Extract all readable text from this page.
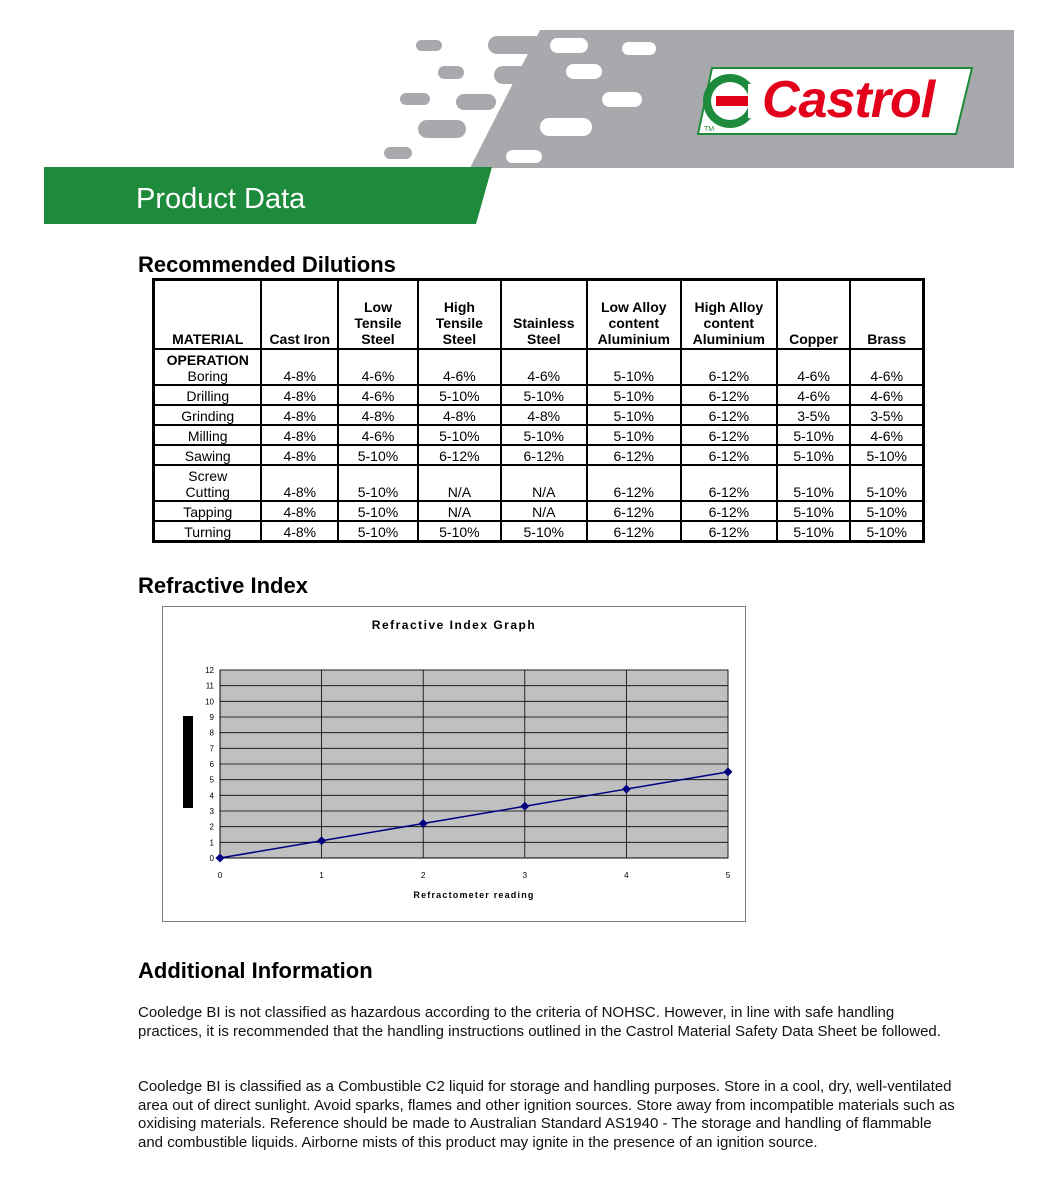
Castrol
TM
Product Data
Recommended Dilutions
MATERIAL	Cast Iron	Low Tensile Steel	High Tensile Steel	Stainless Steel	Low Alloy content Aluminium	High Alloy content Aluminium	Copper	Brass

OPERATION
Boring	4-8%	4-6%	4-6%	4-6%	5-10%	6-12%	4-6%	4-6%
Drilling	4-8%	4-6%	5-10%	5-10%	5-10%	6-12%	4-6%	4-6%
Grinding	4-8%	4-8%	4-8%	4-8%	5-10%	6-12%	3-5%	3-5%
Milling	4-8%	4-6%	5-10%	5-10%	5-10%	6-12%	5-10%	4-6%
Sawing	4-8%	5-10%	6-12%	6-12%	6-12%	6-12%	5-10%	5-10%
Screw Cutting	4-8%	5-10%	N/A	N/A	6-12%	6-12%	5-10%	5-10%
Tapping	4-8%	5-10%	N/A	N/A	6-12%	6-12%	5-10%	5-10%
Turning	4-8%	5-10%	5-10%	5-10%	6-12%	6-12%	5-10%	5-10%
Refractive Index
Refractive Index Graph
0
1
2
3
4
5
6
7
8
9
10
11
12
0	1	2	3	4	5
Refractometer reading
Additional Information
Cooledge BI is not classified as hazardous according to the criteria of NOHSC. However, in line with safe handling practices, it is recommended that the handling instructions outlined in the Castrol Material Safety Data Sheet be followed.
Cooledge BI is classified as a Combustible C2 liquid for storage and handling purposes. Store in a cool, dry, well-ventilated area out of direct sunlight. Avoid sparks, flames and other ignition sources. Store away from incompatible materials such as oxidising materials. Reference should be made to Australian Standard AS1940 - The storage and handling of flammable and combustible liquids. Airborne mists of this product may ignite in the presence of an ignition source.
